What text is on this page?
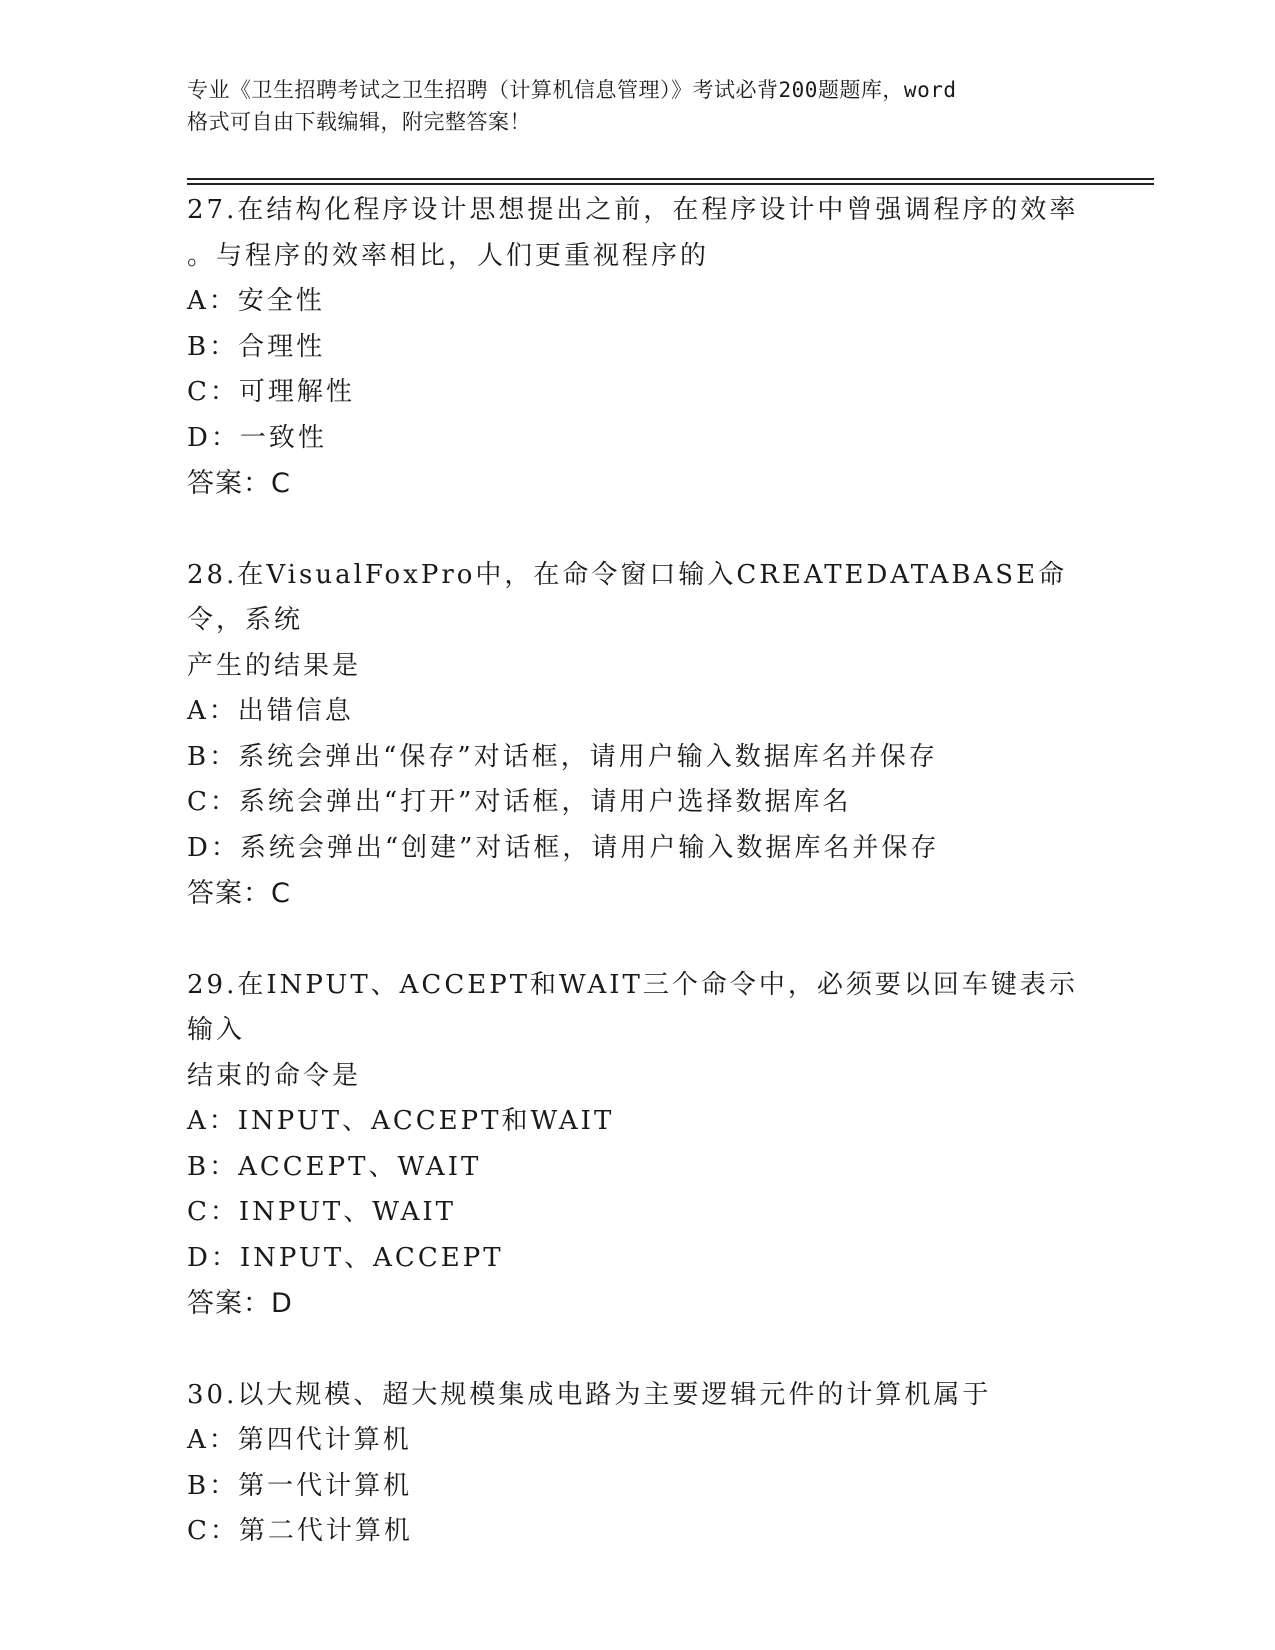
专业《卫生招聘考试之卫生招聘（计算机信息管理）》考试必背200题题库，word
格式可自由下载编辑，附完整答案！
27.在结构化程序设计思想提出之前，在程序设计中曾强调程序的效率
。与程序的效率相比，人们更重视程序的
A：安全性
B：合理性
C：可理解性
D：一致性
答案：C
28.在VisualFoxPro中，在命令窗口输入CREATEDATABASE命令，系统
产生的结果是
A：出错信息
B：系统会弹出“保存”对话框，请用户输入数据库名并保存
C：系统会弹出“打开”对话框，请用户选择数据库名
D：系统会弹出“创建”对话框，请用户输入数据库名并保存
答案：C
29.在INPUT、ACCEPT和WAIT三个命令中，必须要以回车键表示输入
结束的命令是
A：INPUT、ACCEPT和WAIT
B：ACCEPT、WAIT
C：INPUT、WAIT
D：INPUT、ACCEPT
答案：D
30.以大规模、超大规模集成电路为主要逻辑元件的计算机属于
A：第四代计算机
B：第一代计算机
C：第二代计算机
